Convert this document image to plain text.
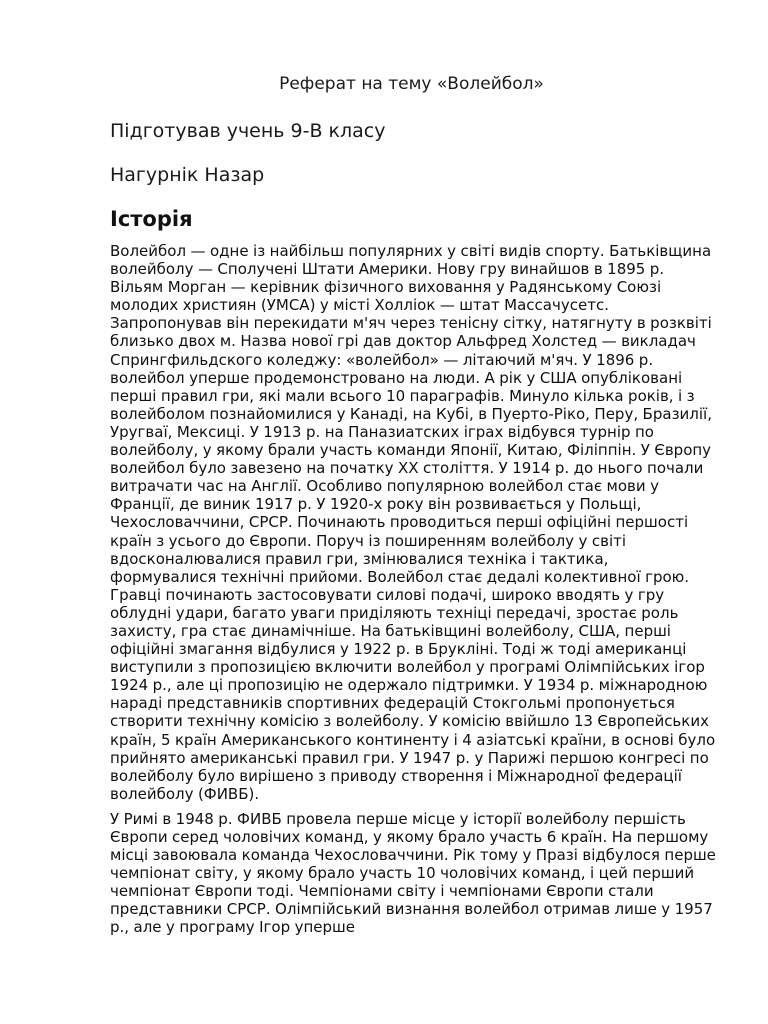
Реферат на тему «Волейбол»

Підготував учень 9-В класу

Нагурнік Назар

Історія

Волейбол — одне із найбільш популярних у світі видів спорту. Батьківщина волейболу — Сполучені Штати Америки. Нову гру винайшов в 1895 р. Вільям Морган — керівник фізичного виховання у Радянському Союзі молодих християн (УМСА) у місті Холліок — штат Массачусетс. Запропонував він перекидати м'яч через тенісну сітку, натягнуту в розквіті близько двох м. Назва нової грі дав доктор Альфред Холстед — викладач Спрингфильдского коледжу: «волейбол» — літаючий м'яч. У 1896 р. волейбол уперше продемонстровано на люди. А рік у США опубліковані перші правил гри, які мали всього 10 параграфів. Минуло кілька років, і з волейболом познайомилися у Канаді, на Кубі, в Пуерто-Ріко, Перу, Бразилії, Уругваї, Мексиці. У 1913 р. на Паназиатских іграх відбувся турнір по волейболу, у якому брали участь команди Японії, Китаю, Філіппін. У Європу волейбол було завезено на початку XX століття. У 1914 р. до нього почали витрачати час на Англії. Особливо популярною волейбол стає мови у Франції, де виник 1917 р. У 1920-х року він розвивається у Польщі, Чехословаччини, СРСР. Починають проводиться перші офіційні першості країн з усього до Європи. Поруч із поширенням волейболу у світі вдосконалювалися правил гри, змінювалися техніка і тактика, формувалися технічні прийоми. Волейбол стає дедалі колективної грою. Гравці починають застосовувати силові подачі, широко вводять у гру облудні удари, багато уваги приділяють техніці передачі, зростає роль захисту, гра стає динамічніше. На батьківщині волейболу, США, перші офіційні змагання відбулися у 1922 р. в Брукліні. Тоді ж тоді американці виступили з пропозицією включити волейбол у програмі Олімпійських ігор 1924 р., але ці пропозицію не одержало підтримки. У 1934 р. міжнародною нараді представників спортивних федерацій Стокгольмі пропонується створити технічну комісію з волейболу. У комісію ввійшло 13 Європейських країн, 5 країн Американського континенту і 4 азіатські країни, в основі було прийнято американські правил гри. У 1947 р. у Парижі першою конгресі по волейболу було вирішено з приводу створення і Міжнародної федерації волейболу (ФИВБ).

У Римі в 1948 р. ФИВБ провела перше місце у історії волейболу першість Європи серед чоловічих команд, у якому брало участь 6 країн. На першому місці завоювала команда Чехословаччини. Рік тому у Празі відбулося перше чемпіонат світу, у якому брало участь 10 чоловічих команд, і цей перший чемпіонат Європи тоді. Чемпіонами світу і чемпіонами Європи стали представники СРСР. Олімпійський визнання волейбол отримав лише у 1957 р., але у програму Ігор уперше
